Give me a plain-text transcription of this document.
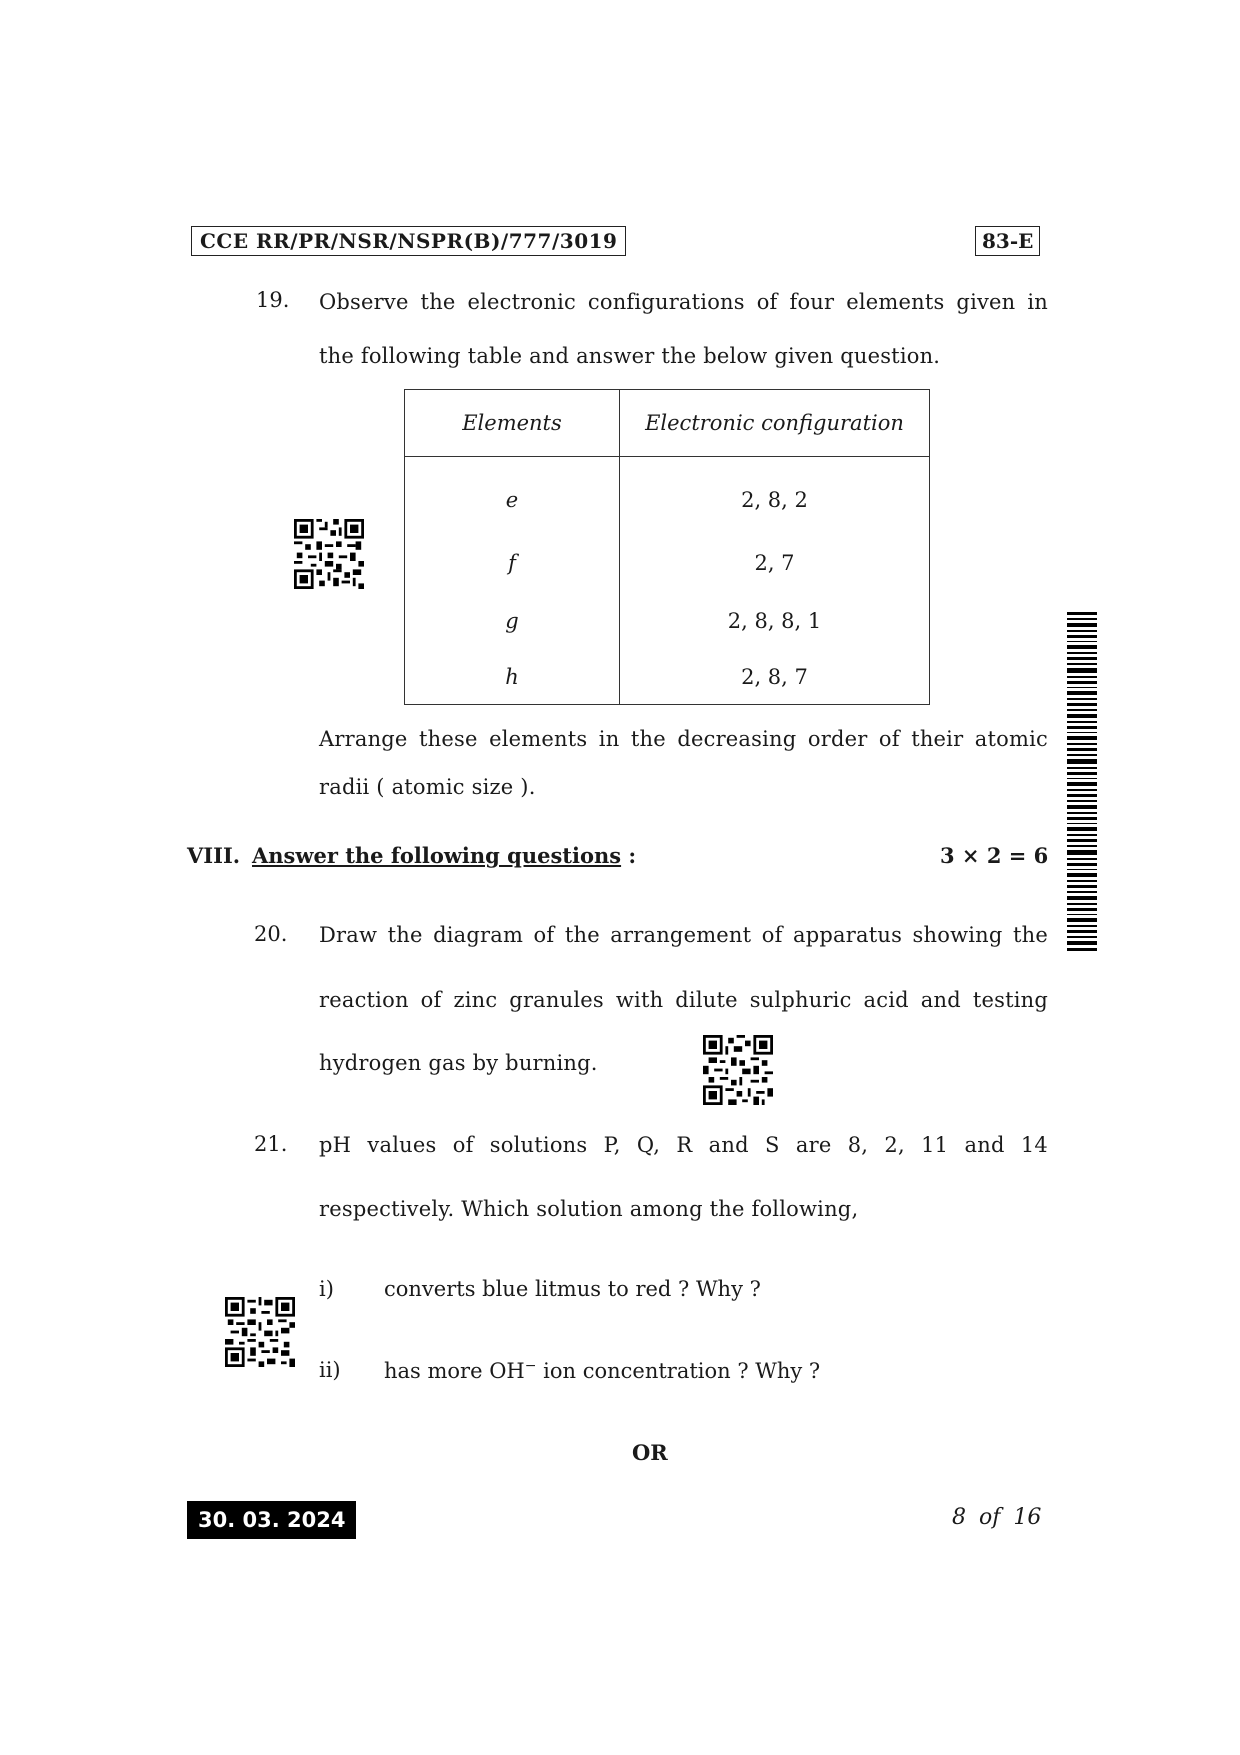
CCE RR/PR/NSR/NSPR(B)/777/3019	83-E
19. Observe the electronic configurations of four elements given in
the following table and answer the below given question.
Elements	Electronic configuration
e	2, 8, 2
f	2, 7
g	2, 8, 8, 1
h	2, 8, 7
Arrange these elements in the decreasing order of their atomic
radii ( atomic size ).
VIII. Answer the following questions :	3 × 2 = 6
20. Draw the diagram of the arrangement of apparatus showing the
reaction of zinc granules with dilute sulphuric acid and testing
hydrogen gas by burning.
21. pH values of solutions P, Q, R and S are 8, 2, 11 and 14
respectively. Which solution among the following,
i) converts blue litmus to red ? Why ?
ii) has more OH− ion concentration ? Why ?
OR
30. 03. 2024	8 of 16
